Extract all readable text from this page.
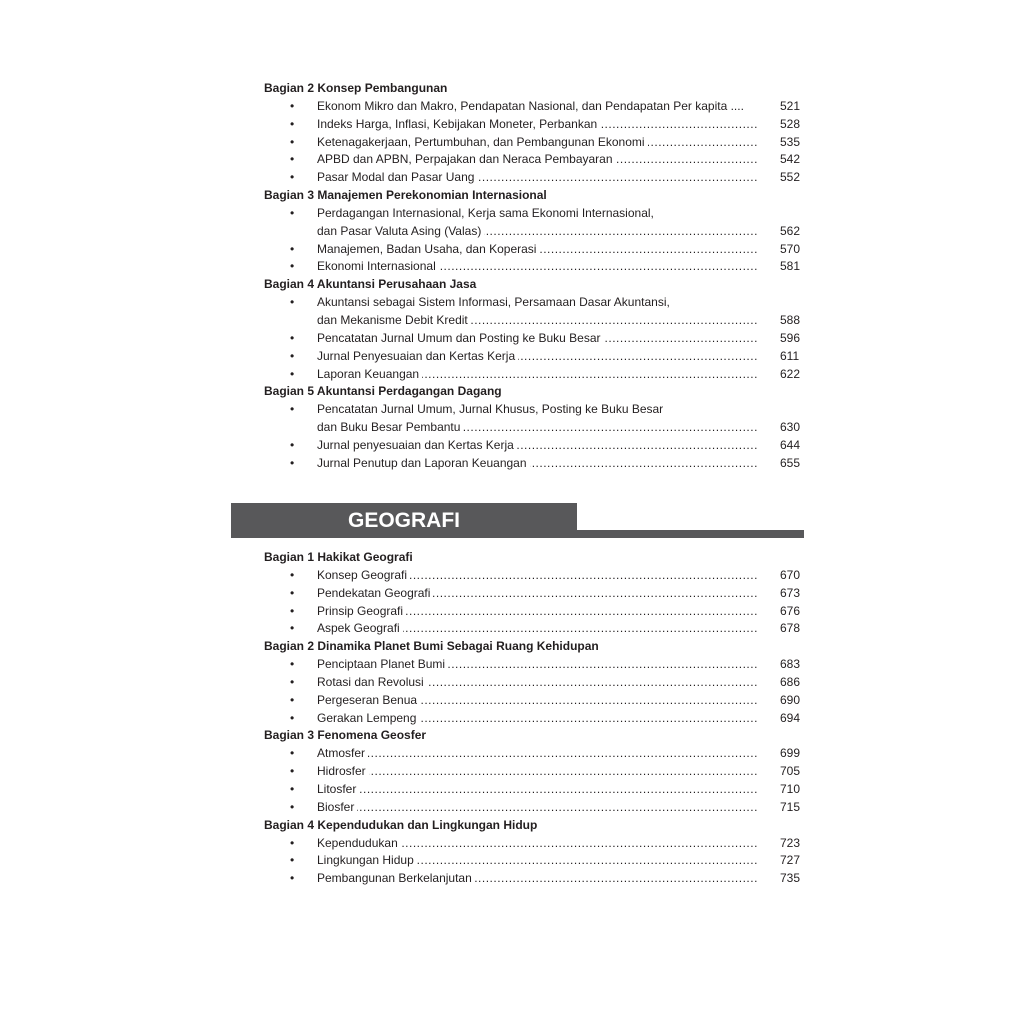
Bagian 2 Konsep Pembangunan
• Ekonom Mikro dan Makro, Pendapatan Nasional, dan Pendapatan Per kapita ....	521
• Indeks Harga, Inflasi, Kebijakan Moneter, Perbankan .....	528
• Ketenagakerjaan, Pertumbuhan, dan Pembangunan Ekonomi .....	535
• APBD dan APBN, Perpajakan dan Neraca Pembayaran .....	542
• Pasar Modal dan Pasar Uang .....	552
Bagian 3 Manajemen Perekonomian Internasional
• Perdagangan Internasional, Kerja sama Ekonomi Internasional,
dan Pasar Valuta Asing (Valas) .....	562
• Manajemen, Badan Usaha, dan Koperasi .....	570
• Ekonomi Internasional .....	581
Bagian 4 Akuntansi Perusahaan Jasa
• Akuntansi sebagai Sistem Informasi, Persamaan Dasar Akuntansi,
dan Mekanisme Debit Kredit .....	588
• Pencatatan Jurnal Umum dan Posting ke Buku Besar .....	596
• Jurnal Penyesuaian dan Kertas Kerja .....	611
• Laporan Keuangan .....	622
Bagian 5 Akuntansi Perdagangan Dagang
• Pencatatan Jurnal Umum, Jurnal Khusus, Posting ke Buku Besar
dan Buku Besar Pembantu .....	630
• Jurnal penyesuaian dan Kertas Kerja .....	644
• Jurnal Penutup dan Laporan Keuangan .....	655
GEOGRAFI
Bagian 1 Hakikat Geografi
• Konsep Geografi .....	670
• Pendekatan Geografi .....	673
• Prinsip Geografi .....	676
• Aspek Geografi .....	678
Bagian 2 Dinamika Planet Bumi Sebagai Ruang Kehidupan
• Penciptaan Planet Bumi .....	683
• Rotasi dan Revolusi .....	686
• Pergeseran Benua .....	690
• Gerakan Lempeng .....	694
Bagian 3 Fenomena Geosfer
• Atmosfer .....	699
• Hidrosfer .....	705
• Litosfer .....	710
• Biosfer .....	715
Bagian 4 Kependudukan dan Lingkungan Hidup
• Kependudukan .....	723
• Lingkungan Hidup .....	727
• Pembangunan Berkelanjutan .....	735
